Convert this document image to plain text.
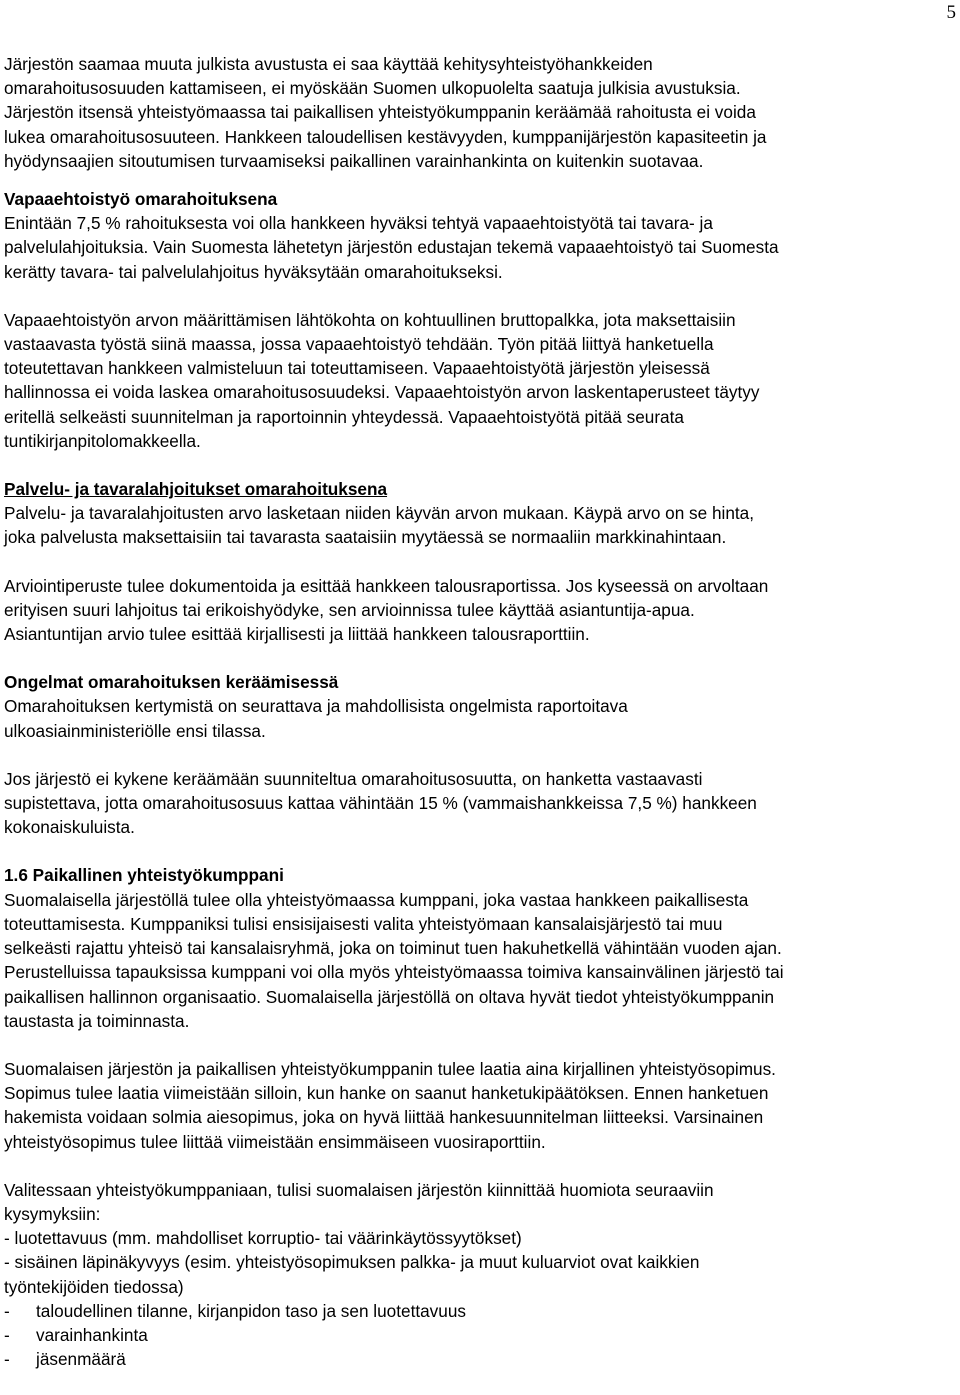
5
Järjestön saamaa muuta julkista avustusta ei saa käyttää kehitysyhteistyöhankkeiden
omarahoitusosuuden kattamiseen, ei myöskään Suomen ulkopuolelta saatuja julkisia avustuksia.
Järjestön itsensä yhteistyömaassa tai paikallisen yhteistyökumppanin keräämää rahoitusta ei voida
lukea omarahoitusosuuteen. Hankkeen taloudellisen kestävyyden, kumppanijärjestön kapasiteetin ja
hyödynsaajien sitoutumisen turvaamiseksi paikallinen varainhankinta on kuitenkin suotavaa.
Vapaaehtoistyö omarahoituksena
Enintään 7,5 % rahoituksesta voi olla hankkeen hyväksi tehtyä vapaaehtoistyötä tai tavara- ja
palvelulahjoituksia. Vain Suomesta lähetetyn järjestön edustajan tekemä vapaaehtoistyö tai Suomesta
kerätty tavara- tai palvelulahjoitus hyväksytään omarahoitukseksi.
Vapaaehtoistyön arvon määrittämisen lähtökohta on kohtuullinen bruttopalkka, jota maksettaisiin
vastaavasta työstä siinä maassa, jossa vapaaehtoistyö tehdään. Työn pitää liittyä hanketuella
toteutettavan hankkeen valmisteluun tai toteuttamiseen. Vapaaehtoistyötä järjestön yleisessä
hallinnossa ei voida laskea omarahoitusosuudeksi. Vapaaehtoistyön arvon laskentaperusteet täytyy
eritellä selkeästi suunnitelman ja raportoinnin yhteydessä. Vapaaehtoistyötä pitää seurata
tuntikirjanpitolomakkeella.
Palvelu- ja tavaralahjoitukset omarahoituksena
Palvelu- ja tavaralahjoitusten arvo lasketaan niiden käyvän arvon mukaan. Käypä arvo on se hinta,
joka palvelusta maksettaisiin tai tavarasta saataisiin myytäessä se normaaliin markkinahintaan.
Arviointiperuste tulee dokumentoida ja esittää hankkeen talousraportissa. Jos kyseessä on arvoltaan
erityisen suuri lahjoitus tai erikoishyödyke, sen arvioinnissa tulee käyttää asiantuntija-apua.
Asiantuntijan arvio tulee esittää kirjallisesti ja liittää hankkeen talousraporttiin.
Ongelmat omarahoituksen keräämisessä
Omarahoituksen kertymistä on seurattava ja mahdollisista ongelmista raportoitava
ulkoasiainministeriölle ensi tilassa.
Jos järjestö ei kykene keräämään suunniteltua omarahoitusosuutta, on hanketta vastaavasti
supistettava, jotta omarahoitusosuus kattaa vähintään 15 % (vammaishankkeissa 7,5 %) hankkeen
kokonaiskuluista.
1.6 Paikallinen yhteistyökumppani
Suomalaisella järjestöllä tulee olla yhteistyömaassa kumppani, joka vastaa hankkeen paikallisesta
toteuttamisesta. Kumppaniksi tulisi ensisijaisesti valita yhteistyömaan kansalaisjärjestö tai muu
selkeästi rajattu yhteisö tai kansalaisryhmä, joka on toiminut tuen hakuhetkellä vähintään vuoden ajan.
Perustelluissa tapauksissa kumppani voi olla myös yhteistyömaassa toimiva kansainvälinen järjestö tai
paikallisen hallinnon organisaatio. Suomalaisella järjestöllä on oltava hyvät tiedot yhteistyökumppanin
taustasta ja toiminnasta.
Suomalaisen järjestön ja paikallisen yhteistyökumppanin tulee laatia aina kirjallinen yhteistyösopimus.
Sopimus tulee laatia viimeistään silloin, kun hanke on saanut hanketukipäätöksen. Ennen hanketuen
hakemista voidaan solmia aiesopimus, joka on hyvä liittää hankesuunnitelman liitteeksi. Varsinainen
yhteistyösopimus tulee liittää viimeistään ensimmäiseen vuosiraporttiin.
Valitessaan yhteistyökumppaniaan, tulisi suomalaisen järjestön kiinnittää huomiota seuraaviin
kysymyksiin:
- luotettavuus (mm. mahdolliset korruptio- tai väärinkäytössyytökset)
- sisäinen läpinäkyvyys (esim. yhteistyösopimuksen palkka- ja muut kuluarviot ovat kaikkien
työntekijöiden tiedossa)
- taloudellinen tilanne, kirjanpidon taso ja sen luotettavuus
- varainhankinta
- jäsenmäärä
